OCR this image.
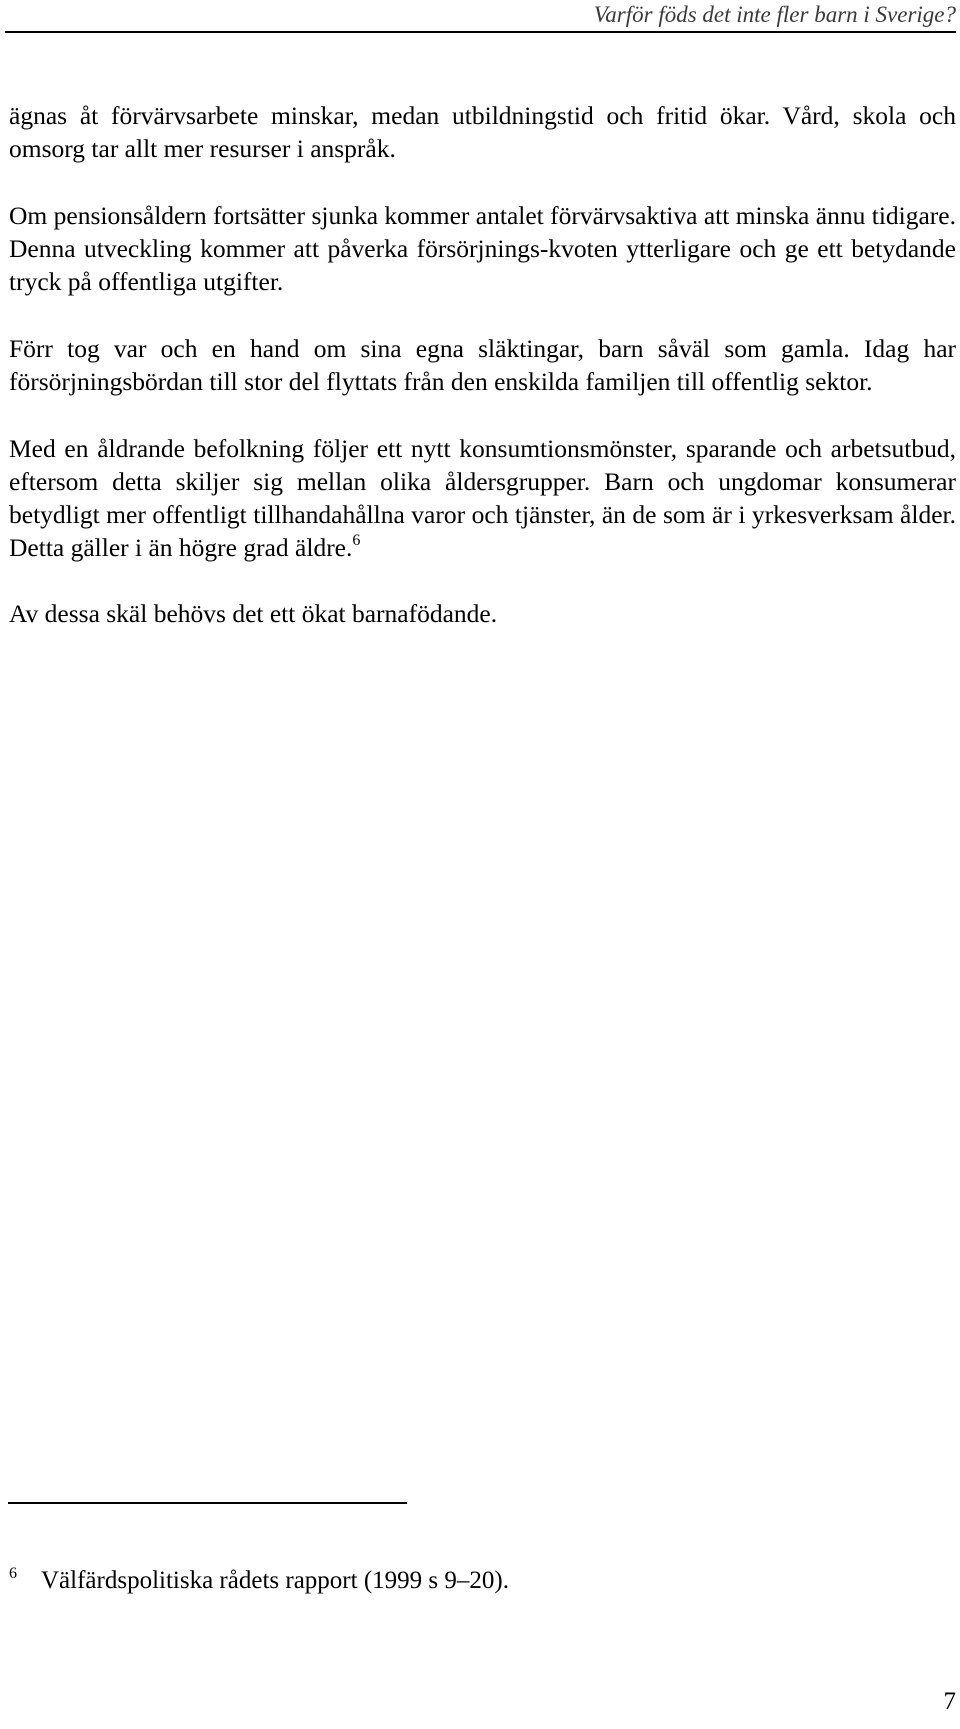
Varför föds det inte fler barn i Sverige?

ägnas åt förvärvsarbete minskar, medan utbildningstid och fritid ökar. Vård, skola och omsorg tar allt mer resurser i anspråk.

Om pensionsåldern fortsätter sjunka kommer antalet förvärvsaktiva att minska ännu tidigare. Denna utveckling kommer att påverka försörjnings-kvoten ytterligare och ge ett betydande tryck på offentliga utgifter.

Förr tog var och en hand om sina egna släktingar, barn såväl som gamla. Idag har försörjningsbördan till stor del flyttats från den enskilda familjen till offentlig sektor.

Med en åldrande befolkning följer ett nytt konsumtionsmönster, sparande och arbetsutbud, eftersom detta skiljer sig mellan olika åldersgrupper. Barn och ungdomar konsumerar betydligt mer offentligt tillhandahållna varor och tjänster, än de som är i yrkesverksam ålder. Detta gäller i än högre grad äldre.$^6$

Av dessa skäl behövs det ett ökat barnafödande.

$^6$ Välfärdspolitiska rådets rapport (1999 s 9–20).

7
